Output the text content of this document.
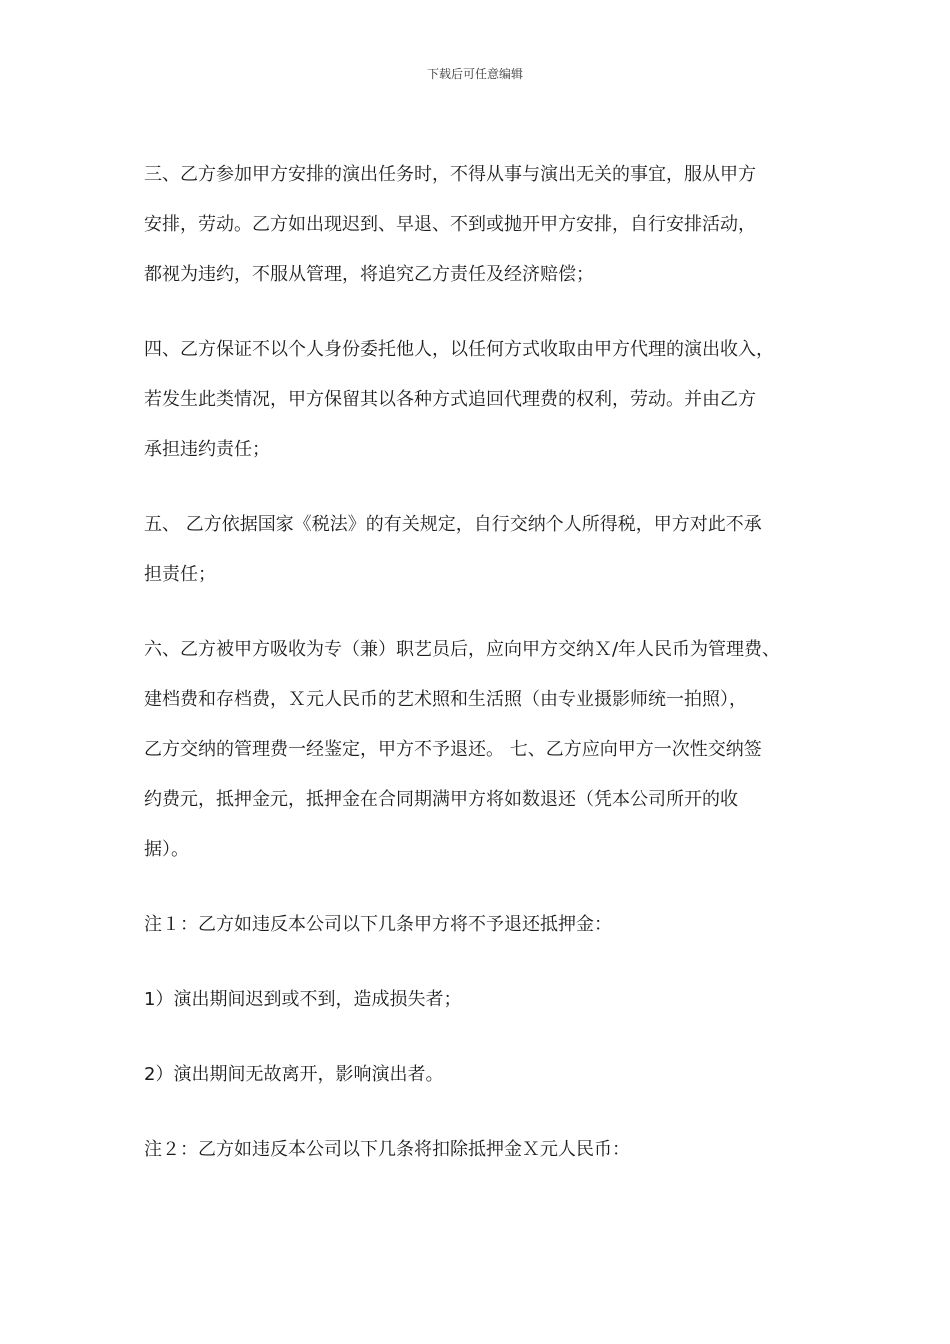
下载后可任意编辑

三、乙方参加甲方安排的演出任务时，不得从事与演出无关的事宜，服从甲方
安排，劳动。乙方如出现迟到、早退、不到或抛开甲方安排，自行安排活动，
都视为违约，不服从管理，将追究乙方责任及经济赔偿；
四、乙方保证不以个人身份委托他人，以任何方式收取由甲方代理的演出收入，
若发生此类情况，甲方保留其以各种方式追回代理费的权利，劳动。并由乙方
承担违约责任；
五、 乙方依据国家《税法》的有关规定，自行交纳个人所得税，甲方对此不承
担责任；
六、乙方被甲方吸收为专（兼）职艺员后，应向甲方交纳Ｘ/年人民币为管理费、
建档费和存档费，Ｘ元人民币的艺术照和生活照（由专业摄影师统一拍照），
乙方交纳的管理费一经鉴定，甲方不予退还。 七、乙方应向甲方一次性交纳签
约费元，抵押金元，抵押金在合同期满甲方将如数退还（凭本公司所开的收
据）。
注１：乙方如违反本公司以下几条甲方将不予退还抵押金：
1）演出期间迟到或不到，造成损失者；
2）演出期间无故离开，影响演出者。
注２：乙方如违反本公司以下几条将扣除抵押金Ｘ元人民币：
